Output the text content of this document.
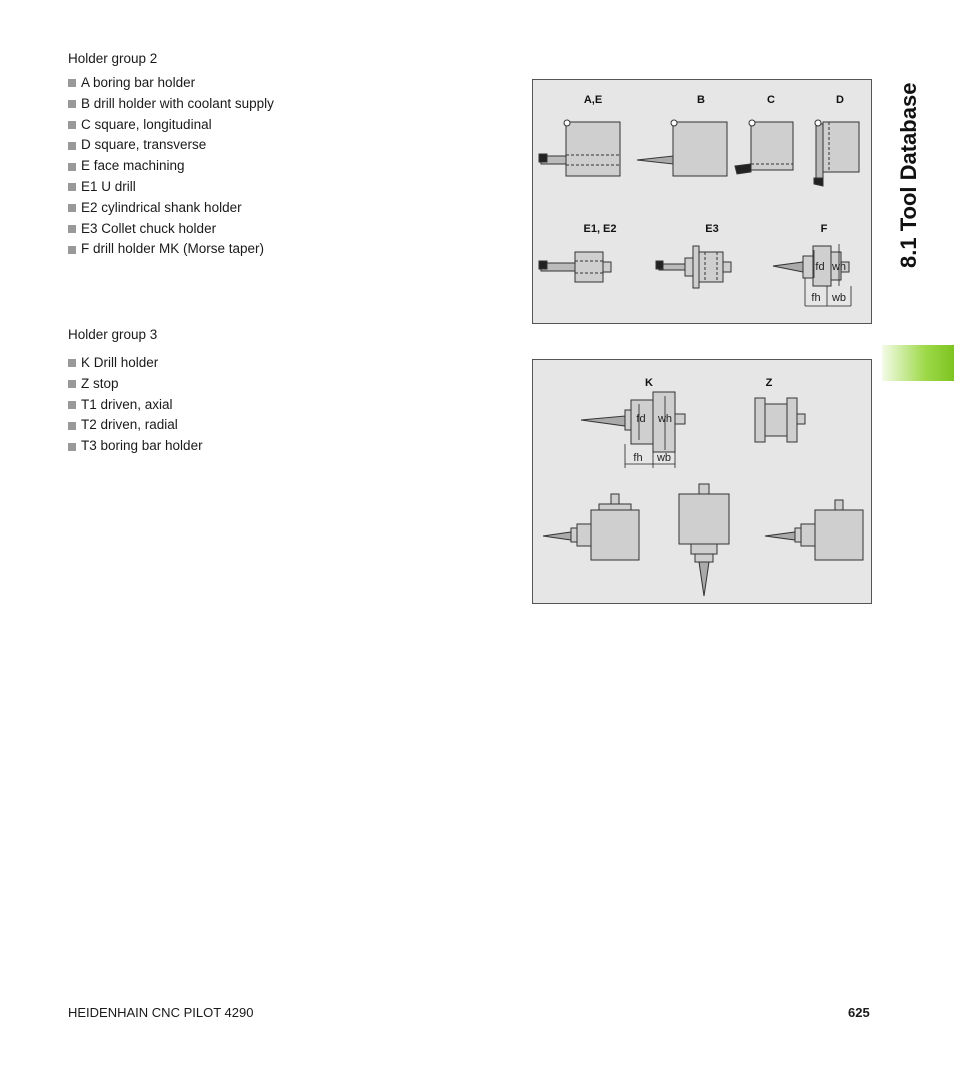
Holder group 2
A boring bar holder
B drill holder with coolant supply
C square, longitudinal
D square, transverse
E face machining
E1 U drill
E2 cylindrical shank holder
E3 Collet chuck holder
F drill holder MK (Morse taper)
Holder group 3
K Drill holder
Z stop
T1 driven, axial
T2 driven, radial
T3 boring bar holder
A,E	B	C	D
E1, E2	E3	F
fd wh
fh wb
K	Z
fd wh
fh wb
8.1 Tool Database
HEIDENHAIN CNC PILOT 4290	625
